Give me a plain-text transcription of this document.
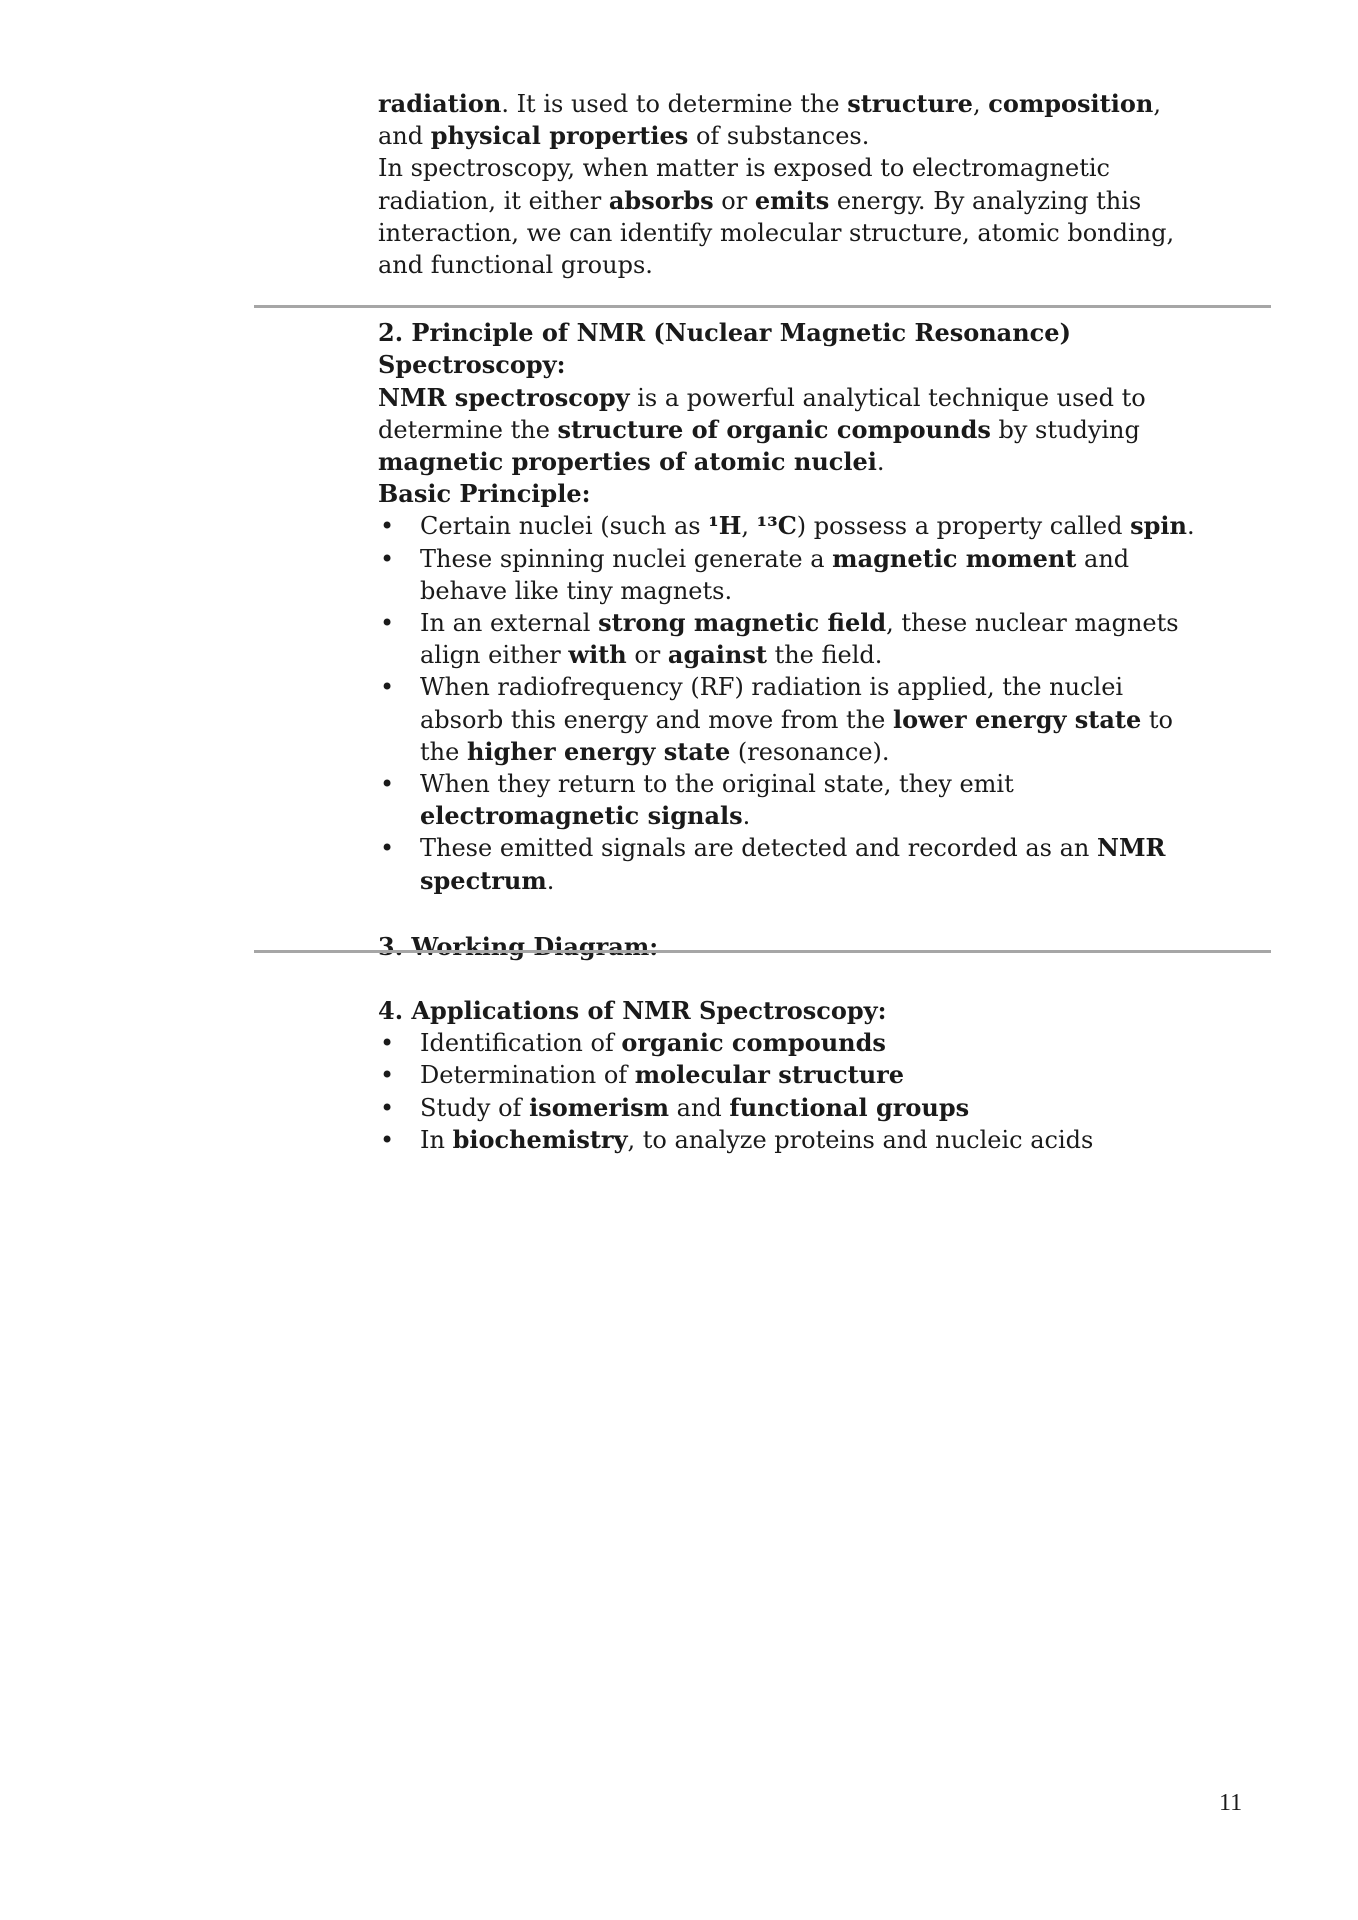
radiation. It is used to determine the structure, composition, and physical properties of substances.

In spectroscopy, when matter is exposed to electromagnetic radiation, it either absorbs or emits energy. By analyzing this interaction, we can identify molecular structure, atomic bonding, and functional groups.

2. Principle of NMR (Nuclear Magnetic Resonance) Spectroscopy:

NMR spectroscopy is a powerful analytical technique used to determine the structure of organic compounds by studying magnetic properties of atomic nuclei.

Basic Principle:

• Certain nuclei (such as ¹H, ¹³C) possess a property called spin.
• These spinning nuclei generate a magnetic moment and behave like tiny magnets.
• In an external strong magnetic field, these nuclear magnets align either with or against the field.
• When radiofrequency (RF) radiation is applied, the nuclei absorb this energy and move from the lower energy state to the higher energy state (resonance).
• When they return to the original state, they emit electromagnetic signals.
• These emitted signals are detected and recorded as an NMR spectrum.

3. Working Diagram:

4. Applications of NMR Spectroscopy:

• Identification of organic compounds
• Determination of molecular structure
• Study of isomerism and functional groups
• In biochemistry, to analyze proteins and nucleic acids
11
